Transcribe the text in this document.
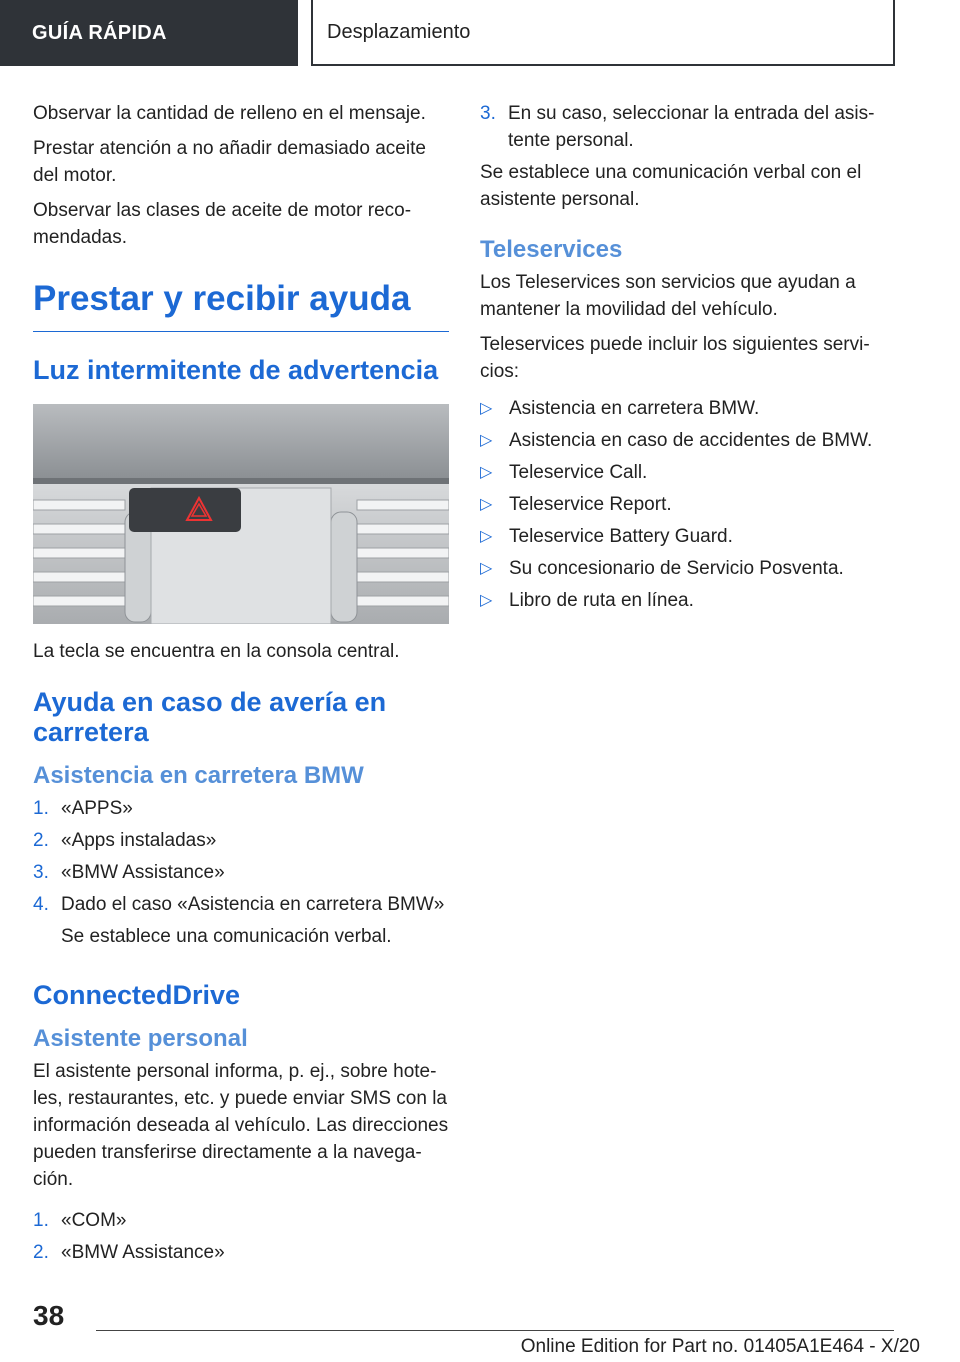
GUÍA RÁPIDA	Desplazamiento

Observar la cantidad de relleno en el mensaje.

Prestar atención a no añadir demasiado aceite del motor.

Observar las clases de aceite de motor reco-mendadas.

Prestar y recibir ayuda
Luz intermitente de advertencia

La tecla se encuentra en la consola central.

Ayuda en caso de avería en carretera
Asistencia en carretera BMW
1. «APPS»
2. «Apps instaladas»
3. «BMW Assistance»
4. Dado el caso «Asistencia en carretera BMW»

Se establece una comunicación verbal.

ConnectedDrive
Asistente personal

El asistente personal informa, p. ej., sobre hote-les, restaurantes, etc. y puede enviar SMS con la información deseada al vehículo. Las direcciones pueden transferirse directamente a la navega-ción.

1. «COM»
2. «BMW Assistance»
3. En su caso, seleccionar la entrada del asis-tente personal.

Se establece una comunicación verbal con el asistente personal.

Teleservices

Los Teleservices son servicios que ayudan a mantener la movilidad del vehículo.

Teleservices puede incluir los siguientes servi-cios:

▷ Asistencia en carretera BMW.
▷ Asistencia en caso de accidentes de BMW.
▷ Teleservice Call.
▷ Teleservice Report.
▷ Teleservice Battery Guard.
▷ Su concesionario de Servicio Posventa.
▷ Libro de ruta en línea.
38
Online Edition for Part no. 01405A1E464 - X/20
